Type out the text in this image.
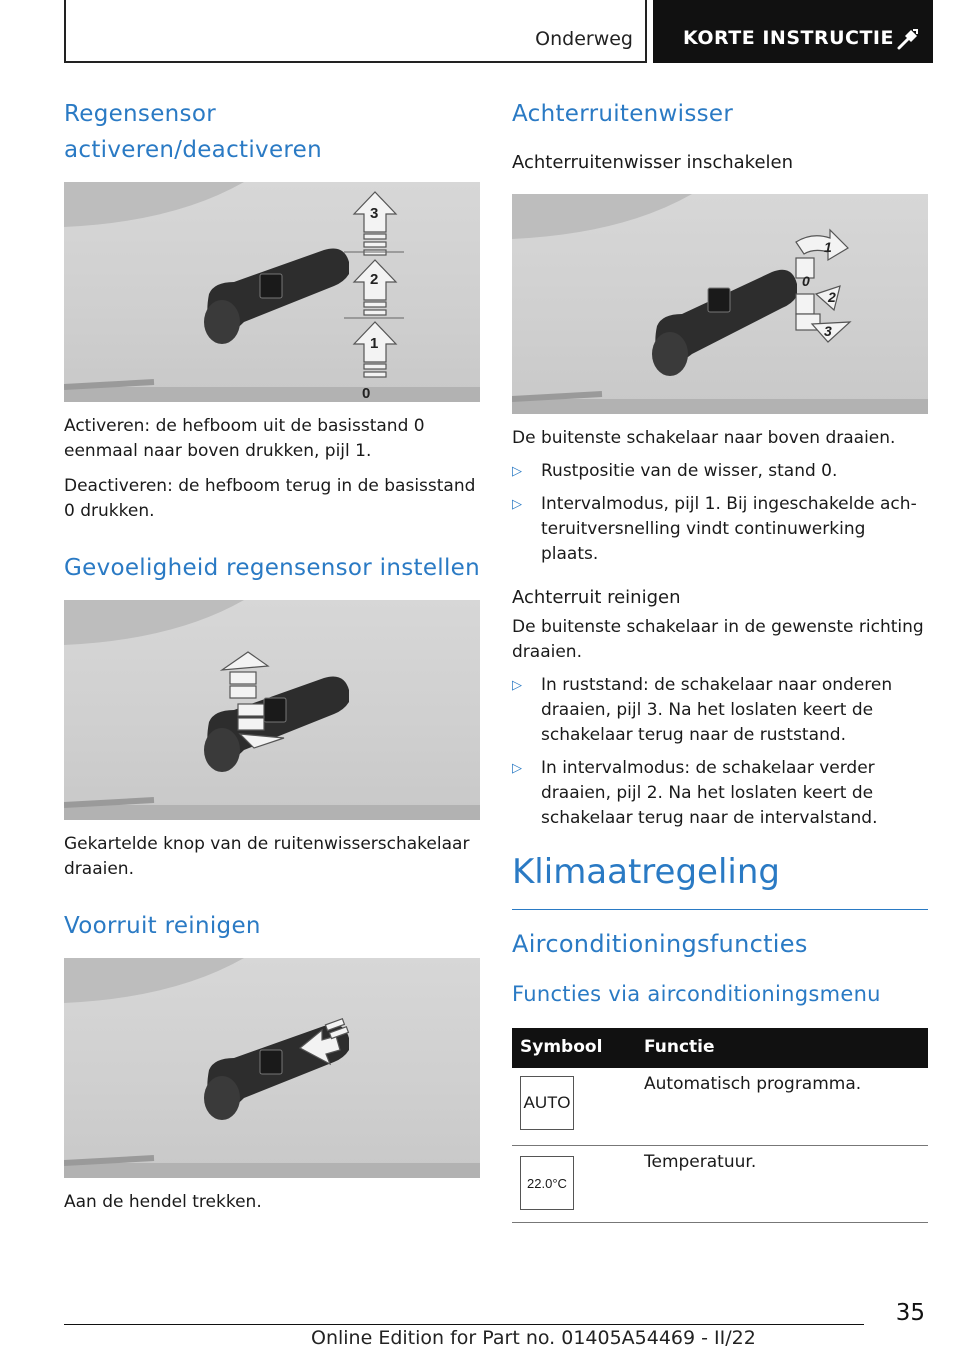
Onderweg	KORTE INSTRUCTIE
Regensensor activeren/deactiveren
3
2
1
0

Activeren: de hefboom uit de basisstand 0 eenmaal naar boven drukken, pijl 1.

Deactiveren: de hefboom terug in de basisstand 0 drukken.

Gevoeligheid regensensor instellen

Gekartelde knop van de ruitenwisserschakelaar draaien.

Voorruit reinigen

Aan de hendel trekken.

Achterruitenwisser

Achterruitenwisser inschakelen

1
0
2
3

De buitenste schakelaar naar boven draaien.

▷ Rustpositie van de wisser, stand 0.
▷ Intervalmodus, pijl 1. Bij ingeschakelde achteruitversnelling vindt continuwerking plaats.

Achterruit reinigen

De buitenste schakelaar in de gewenste richting draaien.

▷ In ruststand: de schakelaar naar onderen draaien, pijl 3. Na het loslaten keert de schakelaar terug naar de ruststand.
▷ In intervalmodus: de schakelaar verder draaien, pijl 2. Na het loslaten keert de schakelaar terug naar de intervalstand.
Klimaatregeling
Airconditioningsfuncties
Functies via airconditioningsmenu
Symbool Functie
AUTO
Automatisch programma.
22.0°C
Temperatuur.
35
Online Edition for Part no. 01405A54469 - II/22
